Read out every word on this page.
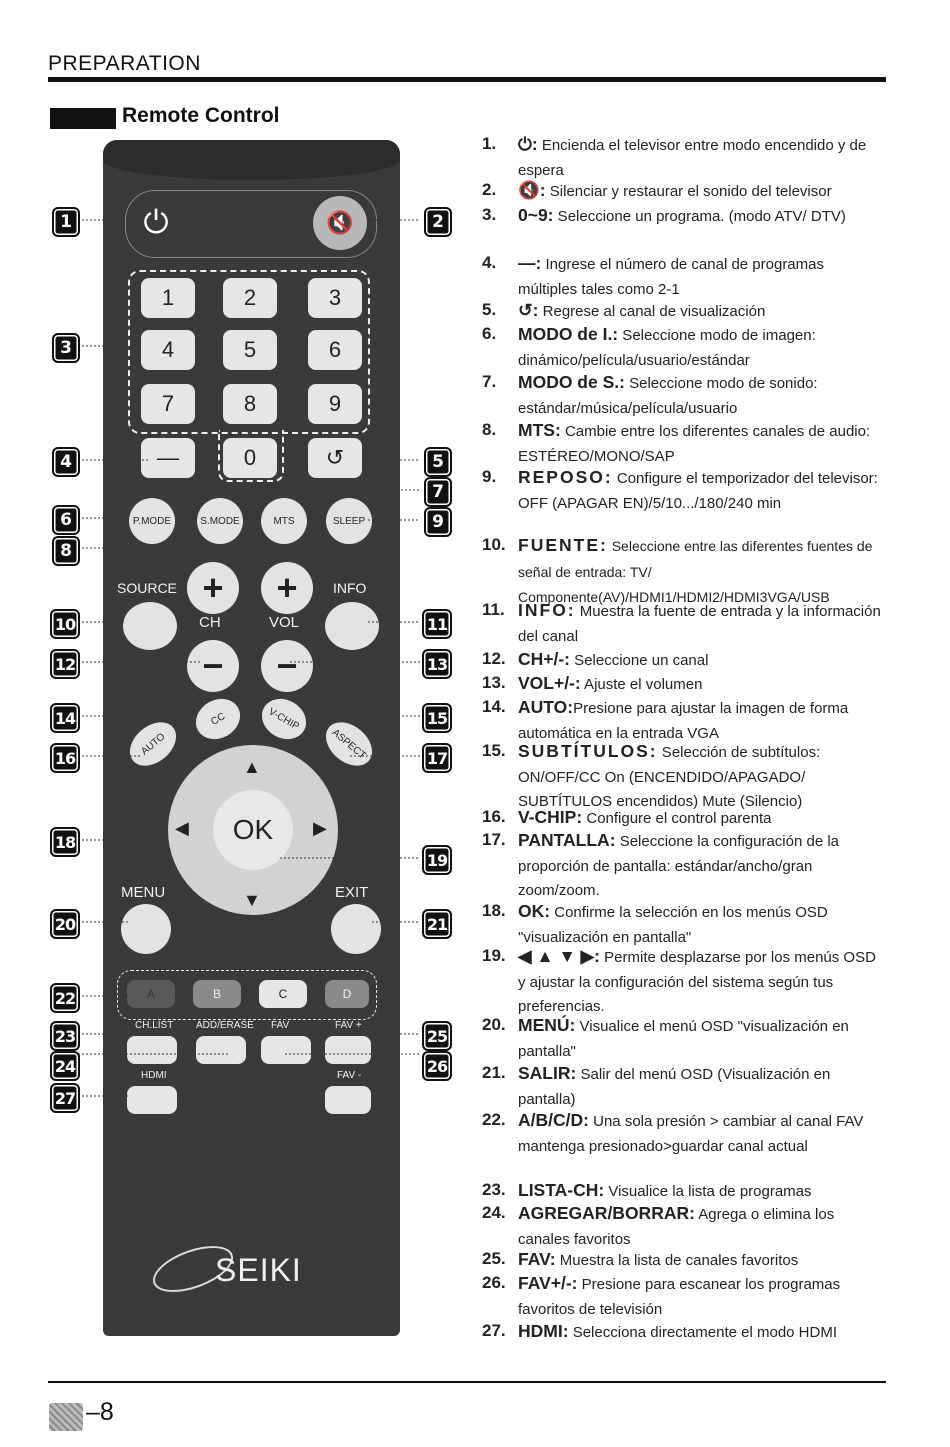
PREPARATION
Remote Control
⏻	🔇
1	2	3
4	5	6
7	8	9
—	0	↺
P.MODE	S.MODE	MTS	SLEEP
SOURCE	INFO
+
CH
−
+
VOL
−
CC	V-CHIP
AUTO	ASPECT
OK
▲
▼
◀	▶
MENU	EXIT
A	B	C	D
CH.LIST ADD/ERASE FAV	FAV +
HDMI	FAV -
SEIKI
1	2
3
4	5
6
7
8
9
10	11
12	13
14	15
16	17
18
19
20	21
22
23
24
25
26
27
1. ⏻: Encienda el televisor entre modo encendido y de espera
2. 🔇: Silenciar y restaurar el sonido del televisor
3. 0~9: Seleccione un programa. (modo ATV/ DTV)
4. —: Ingrese el número de canal de programas múltiples tales como 2-1
5. ↺: Regrese al canal de visualización
6. MODO de I.: Seleccione modo de imagen: dinámico/película/usuario/estándar
7. MODO de S.: Seleccione modo de sonido: estándar/música/película/usuario
8. MTS: Cambie entre los diferentes canales de audio: ESTÉREO/MONO/SAP
9. REPOSO: Configure el temporizador del televisor: OFF (APAGAR EN)/5/10.../180/240 min
10. FUENTE: Seleccione entre las diferentes fuentes de señal de entrada: TV/ Componente(AV)/HDMI1/HDMI2/HDMI3VGA/USB
11. INFO: Muestra la fuente de entrada y la información del canal
12. CH+/-: Seleccione un canal
13. VOL+/-: Ajuste el volumen
14. AUTO:Presione para ajustar la imagen de forma automática en la entrada VGA
15. SUBTÍTULOS: Selección de subtítulos: ON/OFF/CC On (ENCENDIDO/APAGADO/ SUBTÍTULOS encendidos) Mute (Silencio)
16. V-CHIP: Configure el control parenta
17. PANTALLA: Seleccione la configuración de la proporción de pantalla: estándar/ancho/gran zoom/zoom.
18. OK: Confirme la selección en los menús OSD "visualización en pantalla"
19. ◀ ▲ ▼ ▶: Permite desplazarse por los menús OSD y ajustar la configuración del sistema según tus preferencias.
20. MENÚ: Visualice el menú OSD "visualización en pantalla"
21. SALIR: Salir del menú OSD (Visualización en pantalla)
22. A/B/C/D: Una sola presión > cambiar al canal FAV mantenga presionado>guardar canal actual
23. LISTA-CH: Visualice la lista de programas
24. AGREGAR/BORRAR: Agrega o elimina los canales favoritos
25. FAV: Muestra la lista de canales favoritos
26. FAV+/-: Presione para escanear los programas favoritos de televisión
27. HDMI: Selecciona directamente el modo HDMI
–8
